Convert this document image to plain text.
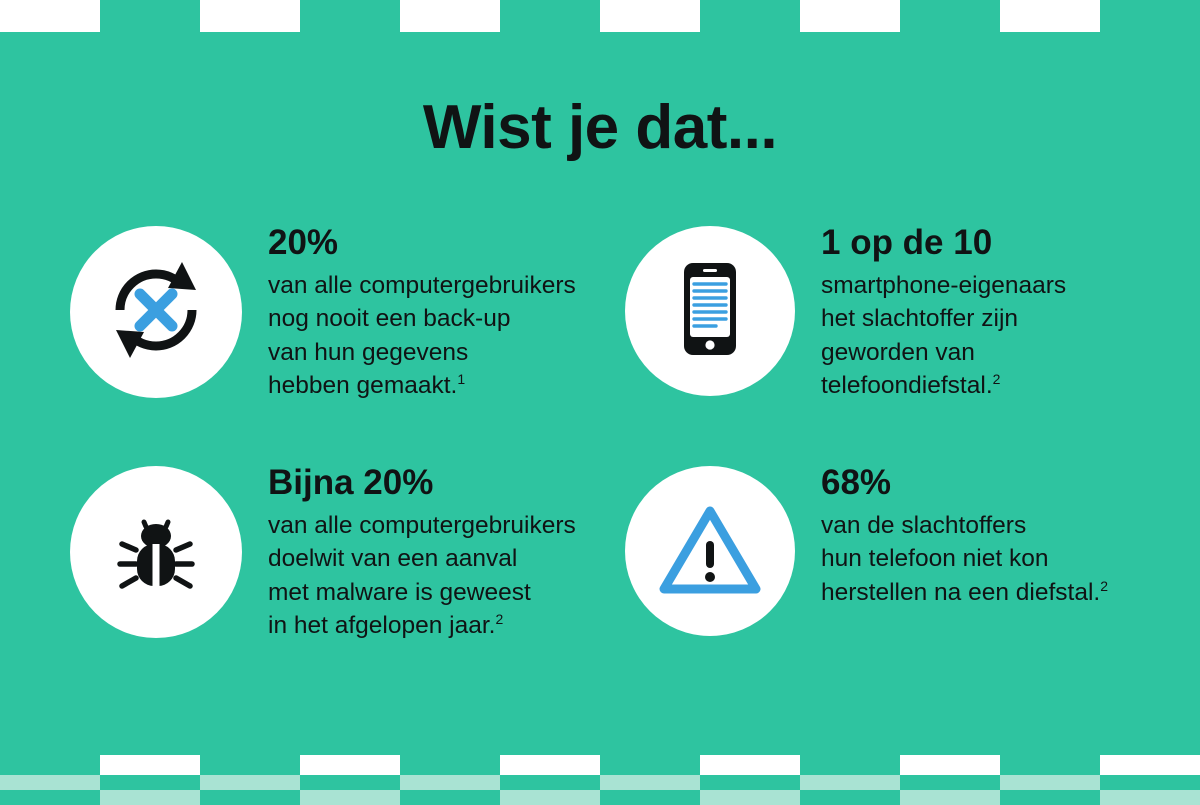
Wist je dat...
20%
van alle computergebruikers
nog nooit een back-up
van hun gegevens
hebben gemaakt.$^1$
1 op de 10
smartphone-eigenaars
het slachtoffer zijn
geworden van
telefoondiefstal.$^2$
Bijna 20%
van alle computergebruikers
doelwit van een aanval
met malware is geweest
in het afgelopen jaar.$^2$
68%
van de slachtoffers
hun telefoon niet kon
herstellen na een diefstal.$^2$
